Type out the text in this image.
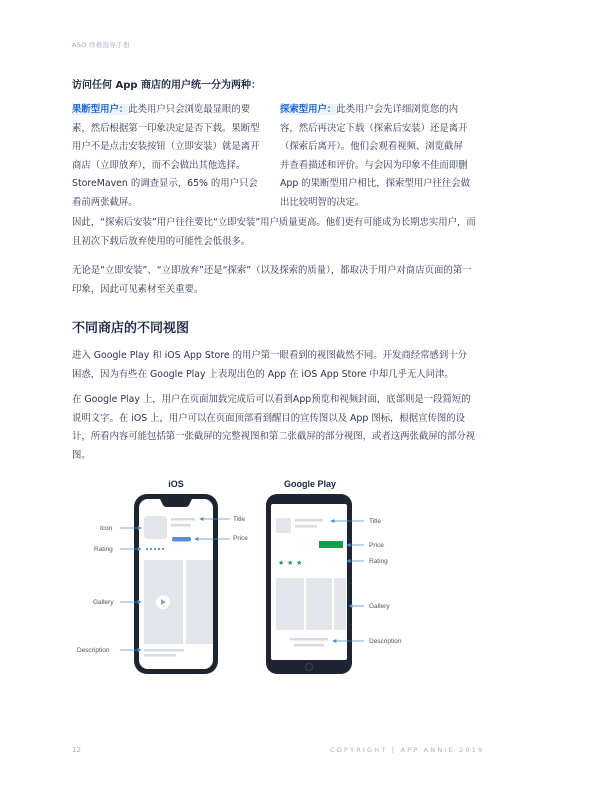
ASO 终极指导手册
访问任何 App 商店的用户统一分为两种：
果断型用户：此类用户只会浏览最显眼的要素，然后根据第一印象决定是否下载。果断型用户不是点击安装按钮（立即安装）就是离开商店（立即放弃），而不会做出其他选择。StoreMaven 的调查显示，65% 的用户只会看前两张截屏。
探索型用户：此类用户会先详细浏览您的内容，然后再决定下载（探索后安装）还是离开（探索后离开）。他们会观看视频、浏览截屏并查看描述和评价。与会因为印象不佳而即删 App 的果断型用户相比，探索型用户往往会做出比较明智的决定。
因此，“探索后安装”用户往往要比“立即安装”用户质量更高。他们更有可能成为长期忠实用户，而且初次下载后放弃使用的可能性会低很多。
无论是“立即安装”、“立即放弃”还是“探索”（以及探索的质量），都取决于用户对商店页面的第一印象，因此可见素材至关重要。
不同商店的不同视图
进入 Google Play 和 iOS App Store 的用户第一眼看到的视图截然不同。开发商经常感到十分困惑，因为有些在 Google Play 上表现出色的 App 在 iOS App Store 中却几乎无人问津。
在 Google Play 上，用户在页面加载完成后可以看到App预览和视频封面，底部则是一段简短的说明文字。在 iOS 上，用户可以在页面顶部看到醒目的宣传图以及 App 图标，根据宣传图的设计，所看内容可能包括第一张截屏的完整视图和第二张截屏的部分视图，或者这两张截屏的部分视图。
iOS
Icon
Rating
Gallery
Description
Title
Price
Google Play
★ ★ ★
Title
Price
Rating
Gallery
Description
12	COPYRIGHT | APP ANNIE 2019
